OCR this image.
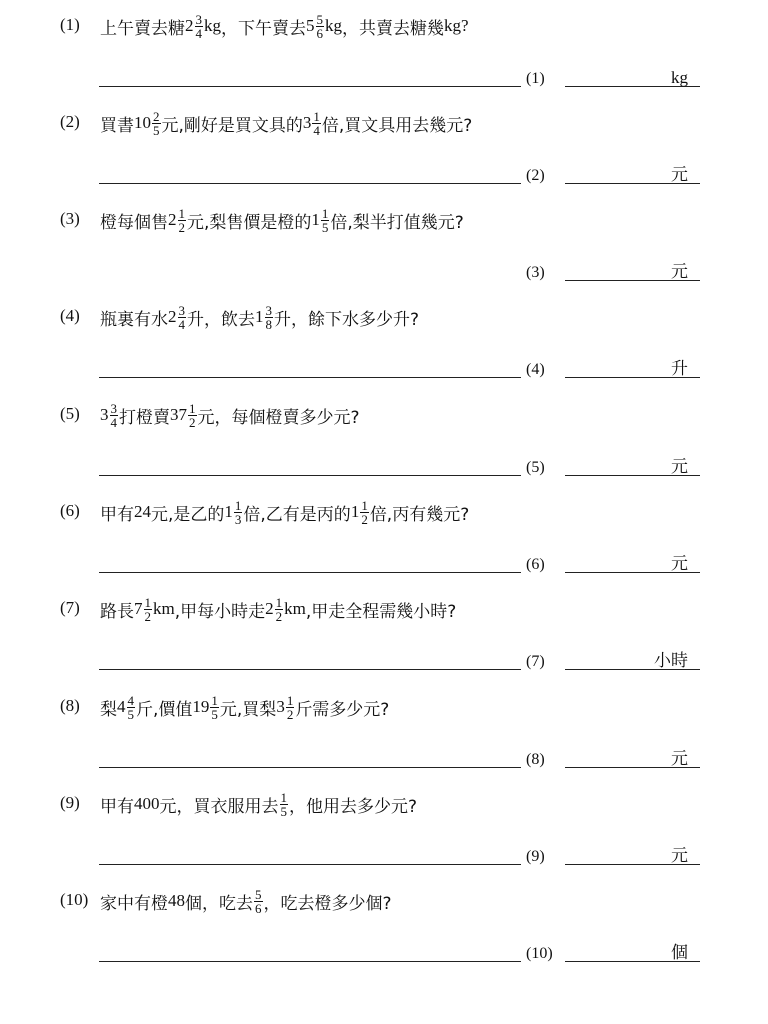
(1) 上午賣去糖 $2 \frac{3}{4}$ kg ，下午賣去 $5 \frac{5}{6}$ kg ，共賣去糖幾 kg?
(1)	kg
(2) 買書 $10 \frac{2}{5}$ 元,剛好是買文具的 $3 \frac{1}{4}$ 倍,買文具用去幾元?
(2)	元
(3) 橙每個售 $2 \frac{1}{2}$ 元,梨售價是橙的 $1 \frac{1}{5}$ 倍,梨半打值幾元?
(3)	元
(4) 瓶裏有水 $2 \frac{3}{4}$ 升，飲去 $1 \frac{3}{8}$ 升，餘下水多少升?
(4)	升
(5) $3 \frac{3}{4}$ 打橙賣 $37 \frac{1}{2}$ 元，每個橙賣多少元?
(5)	元
(6) 甲有 24 元,是乙的 $1 \frac{1}{3}$ 倍,乙有是丙的 $1 \frac{1}{2}$ 倍,丙有幾元?
(6)	元
(7) 路長 $7 \frac{1}{2}$ km ,甲每小時走 $2 \frac{1}{2}$ km ,甲走全程需幾小時?
(7)	小時
(8) 梨 $4 \frac{4}{5}$ 斤,價值 $19 \frac{1}{5}$ 元,買梨 $3 \frac{1}{2}$ 斤需多少元?
(8)	元
(9) 甲有 400 元，買衣服用去 $\frac{1}{5}$ ，他用去多少元?
(9)	元
(10) 家中有橙 48 個，吃去 $\frac{5}{6}$ ，吃去橙多少個?
(10)	個
